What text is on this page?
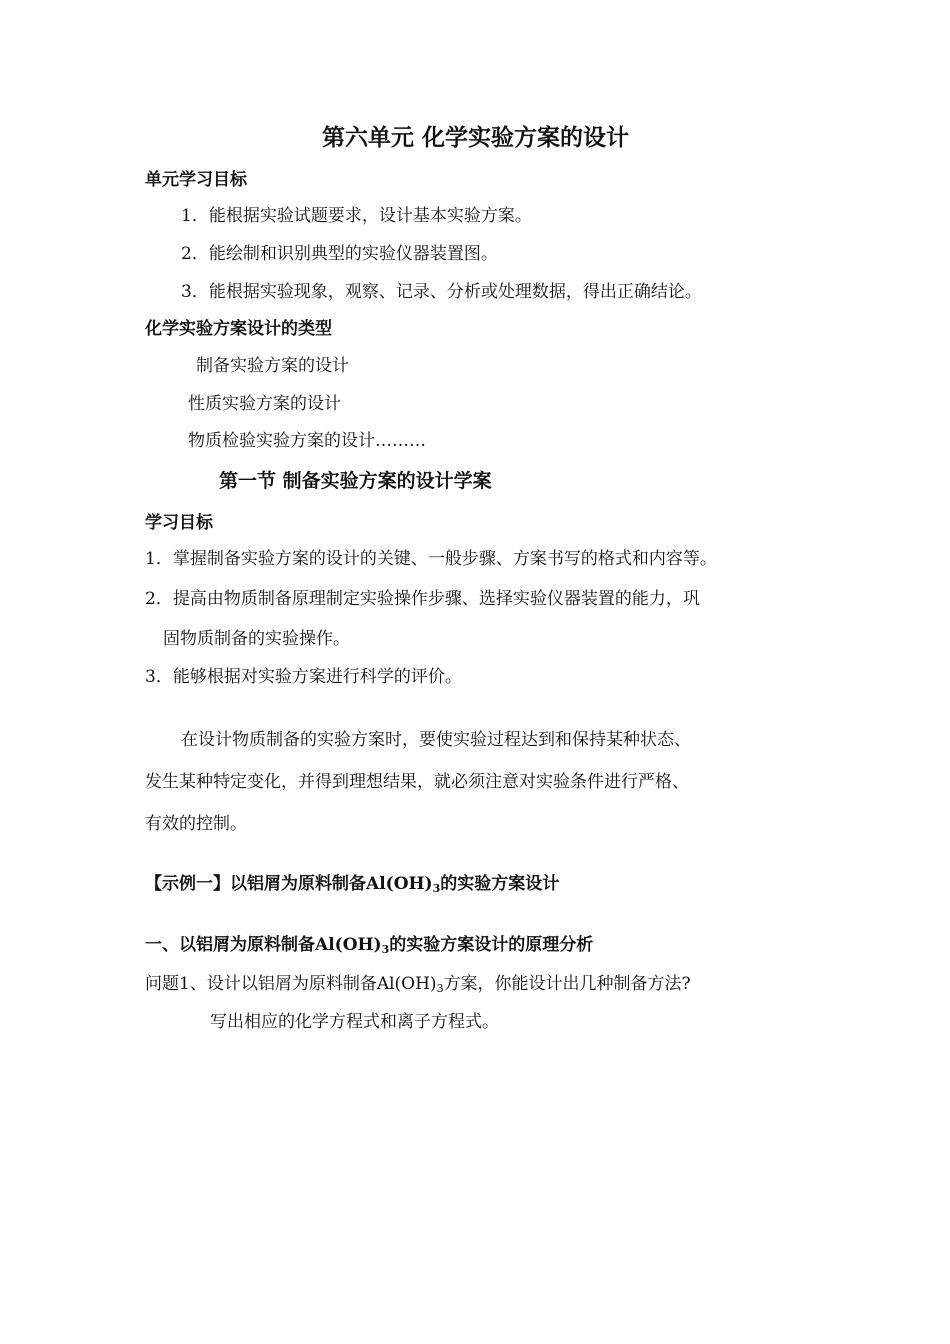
第六单元 化学实验方案的设计
单元学习目标
1．能根据实验试题要求，设计基本实验方案。
2．能绘制和识别典型的实验仪器装置图。
3．能根据实验现象，观察、记录、分析或处理数据，得出正确结论。
化学实验方案设计的类型
制备实验方案的设计
性质实验方案的设计
物质检验实验方案的设计………
第一节 制备实验方案的设计学案
学习目标
1．掌握制备实验方案的设计的关键、一般步骤、方案书写的格式和内容等。
2．提高由物质制备原理制定实验操作步骤、选择实验仪器装置的能力，巩
固物质制备的实验操作。
3．能够根据对实验方案进行科学的评价。
在设计物质制备的实验方案时，要使实验过程达到和保持某种状态、
发生某种特定变化，并得到理想结果，就必须注意对实验条件进行严格、
有效的控制。
【示例一】以铝屑为原料制备$Al(OH)_3$的实验方案设计
一、以铝屑为原料制备$Al(OH)_3$的实验方案设计的原理分析
问题1、设计以铝屑为原料制备$Al(OH)_3$方案，你能设计出几种制备方法?
写出相应的化学方程式和离子方程式。
